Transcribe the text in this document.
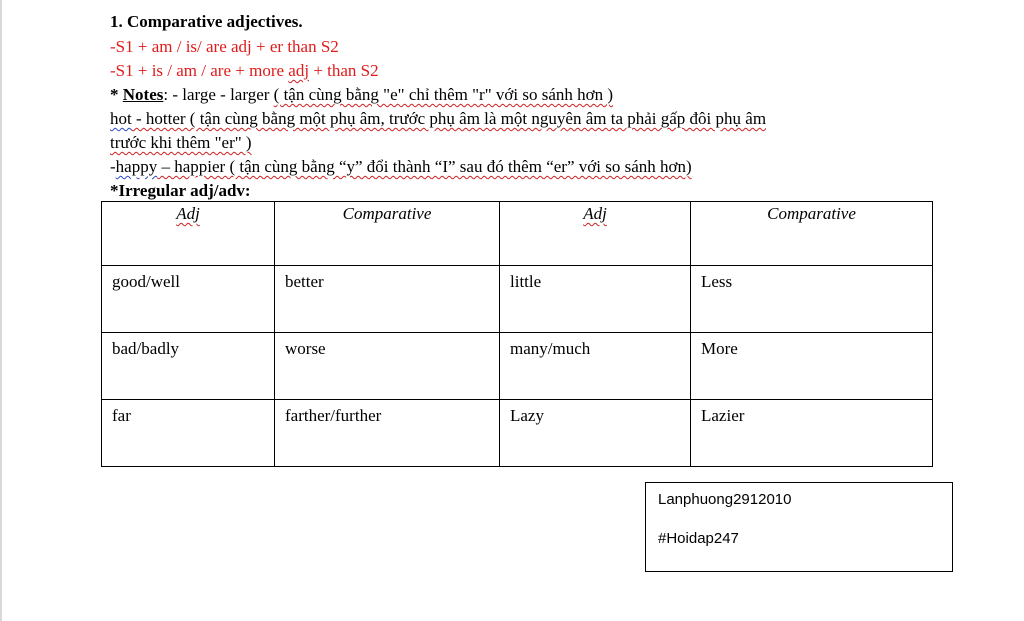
1. Comparative adjectives.
-S1 + am / is/ are adj + er than S2
-S1 + is / am / are + more adj + than S2
* Notes: - large - larger ( tận cùng bằng "e" chỉ thêm "r" với so sánh hơn )
hot - hotter ( tận cùng bằng một phụ âm, trước phụ âm là một nguyên âm ta phải gấp đôi phụ âm
trước khi thêm "er" )
-happy – happier ( tận cùng bằng “y” đổi thành “I” sau đó thêm “er” với so sánh hơn)
*Irregular adj/adv:
Adj	Comparative	Adj	Comparative
good/well	better	little	Less
bad/badly	worse	many/much	More
far	farther/further	Lazy	Lazier
Lanphuong2912010
#Hoidap247
